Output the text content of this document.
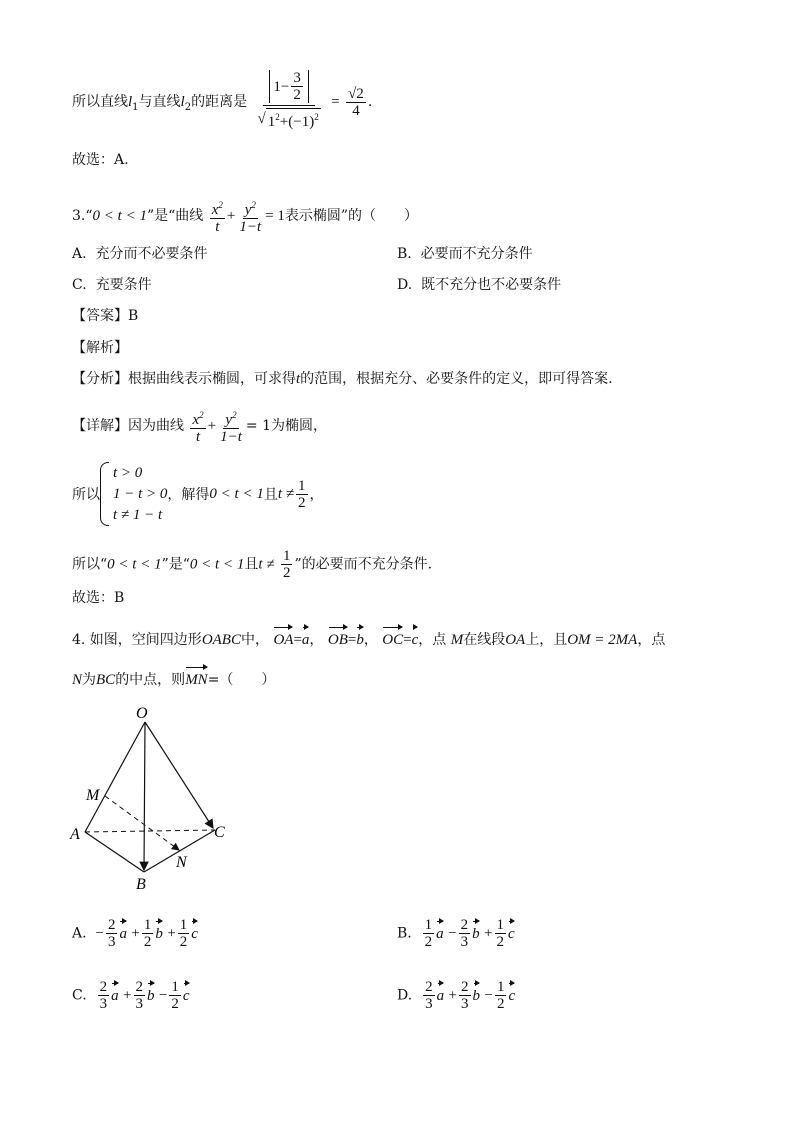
所以直线$l_1$与直线$l_2$的距离是 $\frac{1 - \frac{3}{2}}{√ 1^2+(-1)^2} = \frac{√2}{4}$ .
故选：A.
3.“0 < t < 1”是“曲线 $\frac{x^2}{t} + \frac{y^2}{1-t} = 1$表示椭圆”的（　　）
A. 充分而不必要条件	B. 必要而不充分条件
C. 充要条件	D. 既不充分也不必要条件
【答案】B
【解析】
【分析】根据曲线表示椭圆，可求得t的范围，根据充分、必要条件的定义，即可得答案.
【详解】因为曲线 $\frac{x^2}{t} + \frac{y^2}{1-t} = 1$为椭圆，
所以
t > 0
1 − t > 0
t ≠ 1 − t
，解得 0 < t < 1 且 $t \ne \frac{1}{2}$ ，
所以“0 < t < 1”是“0 < t < 1且$t \ne \frac{1}{2}$ ”的必要而不充分条件.
故选：B
4. 如图，空间四边形OABC中， OA=a， OB=b， OC=c，点 M在线段OA上，且OM = 2MA，点
N为BC的中点，则MN=（　　）
O
M
A	C
N
B
A. − $\frac{2}{3}$ $a + \frac{1}{2}$ $b + \frac{1}{2}$ c	B. $\frac{1}{2}$ $a - \frac{2}{3}$ $b + \frac{1}{2}$ c
C. $\frac{2}{3}$ $a + \frac{2}{3}$ $b - \frac{1}{2}$ c	D. $\frac{2}{3}$ $a + \frac{2}{3}$ $b - \frac{1}{2}$ c
